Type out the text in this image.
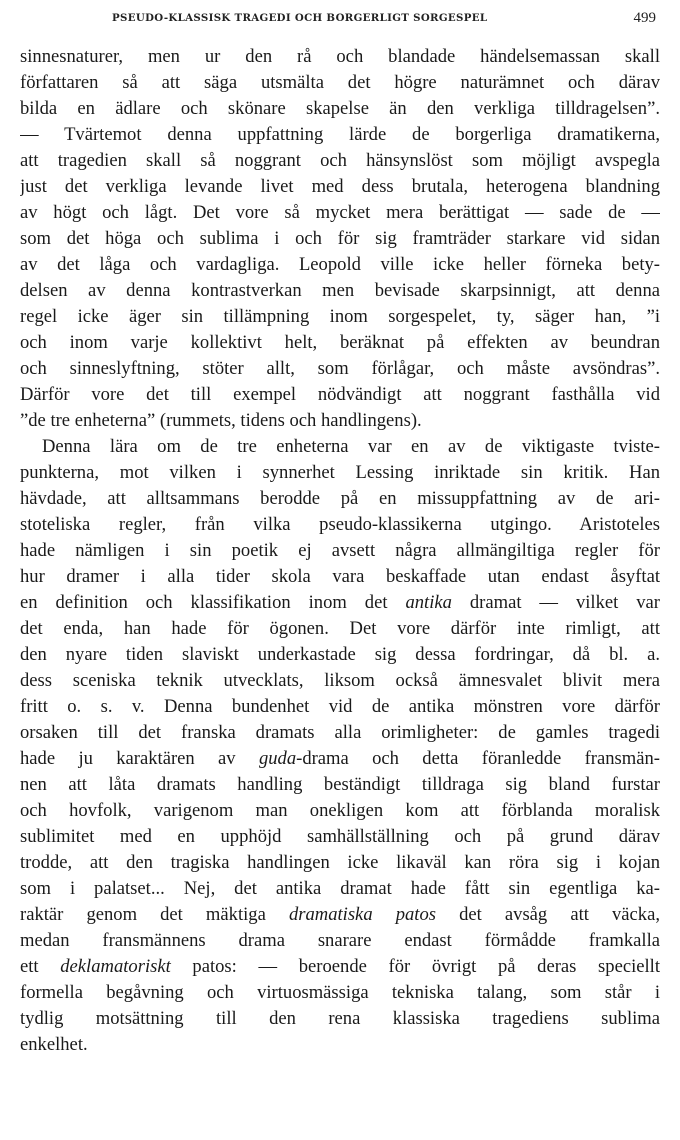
PSEUDO-KLASSISK TRAGEDI OCH BORGERLIGT SORGESPEL	499
sinnesnaturer, men ur den rå och blandade händelsemassan skall
författaren så att säga utsmälta det högre naturämnet och därav
bilda en ädlare och skönare skapelse än den verkliga tilldragelsen”.
— Tvärtemot denna uppfattning lärde de borgerliga dramatikerna,
att tragedien skall så noggrant och hänsynslöst som möjligt avspegla
just det verkliga levande livet med dess brutala, heterogena blandning
av högt och lågt. Det vore så mycket mera berättigat — sade de —
som det höga och sublima i och för sig framträder starkare vid sidan
av det låga och vardagliga. Leopold ville icke heller förneka bety-
delsen av denna kontrastverkan men bevisade skarpsinnigt, att denna
regel icke äger sin tillämpning inom sorgespelet, ty, säger han, ”i
och inom varje kollektivt helt, beräknat på effekten av beundran
och sinneslyftning, stöter allt, som förlågar, och måste avsöndras”.
Därför vore det till exempel nödvändigt att noggrant fasthålla vid
”de tre enheterna” (rummets, tidens och handlingens).
Denna lära om de tre enheterna var en av de viktigaste tviste-
punkterna, mot vilken i synnerhet Lessing inriktade sin kritik. Han
hävdade, att alltsammans berodde på en missuppfattning av de ari-
stoteliska regler, från vilka pseudo-klassikerna utgingo. Aristoteles
hade nämligen i sin poetik ej avsett några allmängiltiga regler för
hur dramer i alla tider skola vara beskaffade utan endast åsyftat
en definition och klassifikation inom det antika dramat — vilket var
det enda, han hade för ögonen. Det vore därför inte rimligt, att
den nyare tiden slaviskt underkastade sig dessa fordringar, då bl. a.
dess sceniska teknik utvecklats, liksom också ämnesvalet blivit mera
fritt o. s. v. Denna bundenhet vid de antika mönstren vore därför
orsaken till det franska dramats alla orimligheter: de gamles tragedi
hade ju karaktären av guda-drama och detta föranledde fransmän-
nen att låta dramats handling beständigt tilldraga sig bland furstar
och hovfolk, varigenom man onekligen kom att förblanda moralisk
sublimitet med en upphöjd samhällställning och på grund därav
trodde, att den tragiska handlingen icke likaväl kan röra sig i kojan
som i palatset... Nej, det antika dramat hade fått sin egentliga ka-
raktär genom det mäktiga dramatiska patos det avsåg att väcka,
medan fransmännens drama snarare endast förmådde framkalla
ett deklamatoriskt patos: — beroende för övrigt på deras speciellt
formella begåvning och virtuosmässiga tekniska talang, som står i
tydlig motsättning till den rena klassiska tragediens sublima
enkelhet.
